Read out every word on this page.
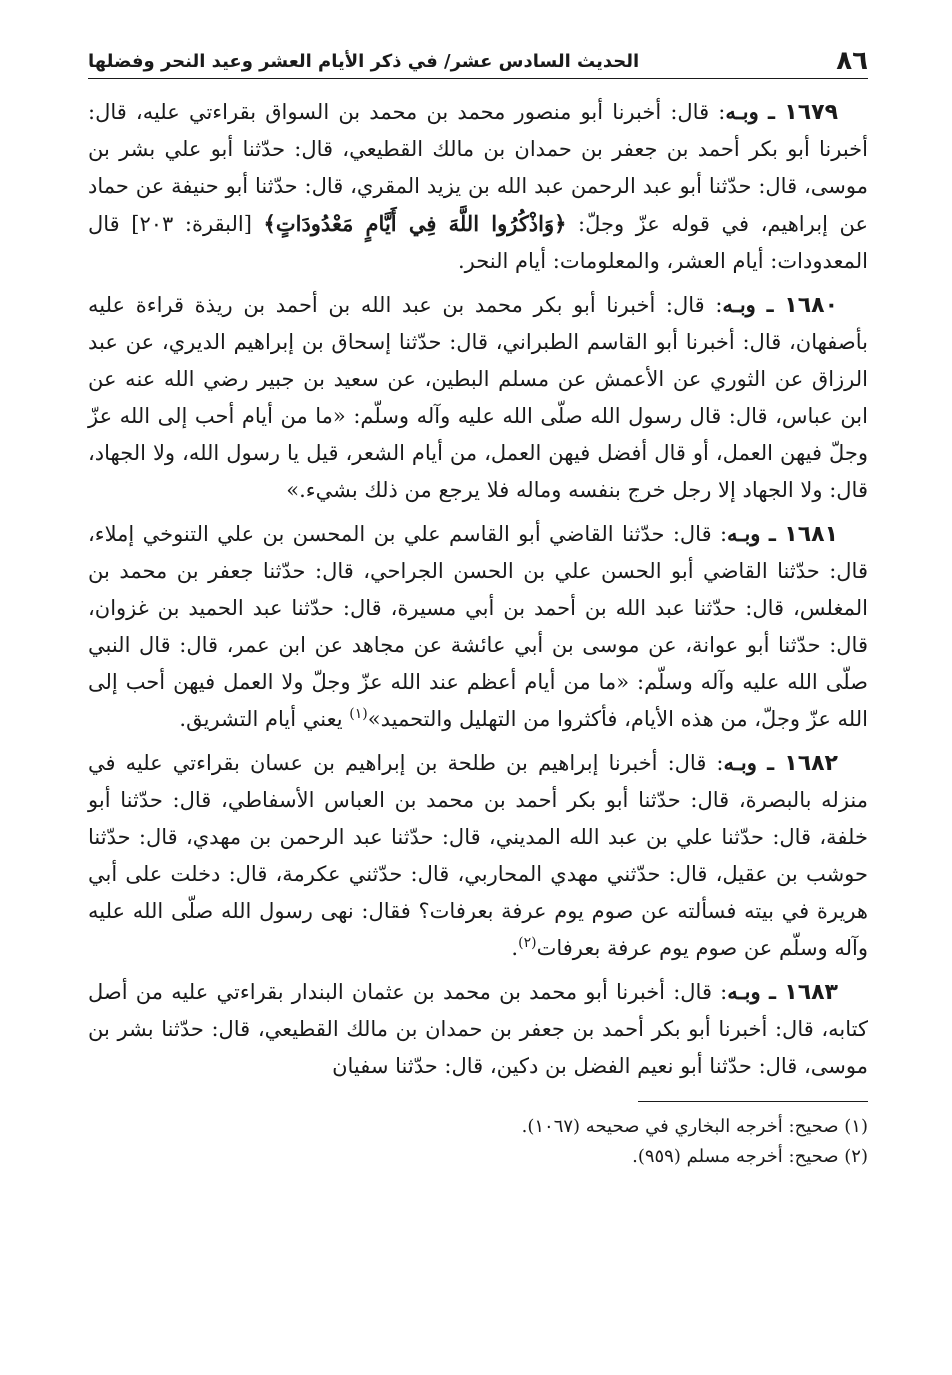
٨٦
الحديث السادس عشر/ في ذكر الأيام العشر وعيد النحر وفضلها

١٦٧٩ ـ وبـه: قال: أخبرنا أبو منصور محمد بن محمد بن السواق بقراءتي عليه، قال: أخبرنا أبو بكر أحمد بن جعفر بن حمدان بن مالك القطيعي، قال: حدّثنا أبو علي بشر بن موسى، قال: حدّثنا أبو عبد الرحمن عبد الله بن يزيد المقري، قال: حدّثنا أبو حنيفة عن حماد عن إبراهيم، في قوله عزّ وجلّ: ﴿وَاذْكُرُوا اللَّهَ فِي أَيَّامٍ مَعْدُودَاتٍ﴾ [البقرة: ٢٠٣] قال المعدودات: أيام العشر، والمعلومات: أيام النحر.

١٦٨٠ ـ وبـه: قال: أخبرنا أبو بكر محمد بن عبد الله بن أحمد بن ريذة قراءة عليه بأصفهان، قال: أخبرنا أبو القاسم الطبراني، قال: حدّثنا إسحاق بن إبراهيم الديري، عن عبد الرزاق عن الثوري عن الأعمش عن مسلم البطين، عن سعيد بن جبير رضي الله عنه عن ابن عباس، قال: قال رسول الله صلّى الله عليه وآله وسلّم: «ما من أيام أحب إلى الله عزّ وجلّ فيهن العمل، أو قال أفضل فيهن العمل، من أيام الشعر، قيل يا رسول الله، ولا الجهاد، قال: ولا الجهاد إلا رجل خرج بنفسه وماله فلا يرجع من ذلك بشيء.»

١٦٨١ ـ وبـه: قال: حدّثنا القاضي أبو القاسم علي بن المحسن بن علي التنوخي إملاء، قال: حدّثنا القاضي أبو الحسن علي بن الحسن الجراحي، قال: حدّثنا جعفر بن محمد بن المغلس، قال: حدّثنا عبد الله بن أحمد بن أبي مسيرة، قال: حدّثنا عبد الحميد بن غزوان، قال: حدّثنا أبو عوانة، عن موسى بن أبي عائشة عن مجاهد عن ابن عمر، قال: قال النبي صلّى الله عليه وآله وسلّم: «ما من أيام أعظم عند الله عزّ وجلّ ولا العمل فيهن أحب إلى الله عزّ وجلّ، من هذه الأيام، فأكثروا من التهليل والتحميد»$^{(١)}$ يعني أيام التشريق.

١٦٨٢ ـ وبـه: قال: أخبرنا إبراهيم بن طلحة بن إبراهيم بن عسان بقراءتي عليه في منزله بالبصرة، قال: حدّثنا أبو بكر أحمد بن محمد بن العباس الأسفاطي، قال: حدّثنا أبو خلفة، قال: حدّثنا علي بن عبد الله المديني، قال: حدّثنا عبد الرحمن بن مهدي، قال: حدّثنا حوشب بن عقيل، قال: حدّثني مهدي المحاربي، قال: حدّثني عكرمة، قال: دخلت على أبي هريرة في بيته فسألته عن صوم يوم عرفة بعرفات؟ فقال: نهى رسول الله صلّى الله عليه وآله وسلّم عن صوم يوم عرفة بعرفات$^{(٢)}$.

١٦٨٣ ـ وبـه: قال: أخبرنا أبو محمد بن محمد بن عثمان البندار بقراءتي عليه من أصل كتابه، قال: أخبرنا أبو بكر أحمد بن جعفر بن حمدان بن مالك القطيعي، قال: حدّثنا بشر بن موسى، قال: حدّثنا أبو نعيم الفضل بن دكين، قال: حدّثنا سفيان

(١) صحيح: أخرجه البخاري في صحيحه (١٠٦٧).

(٢) صحيح: أخرجه مسلم (٩٥٩).
